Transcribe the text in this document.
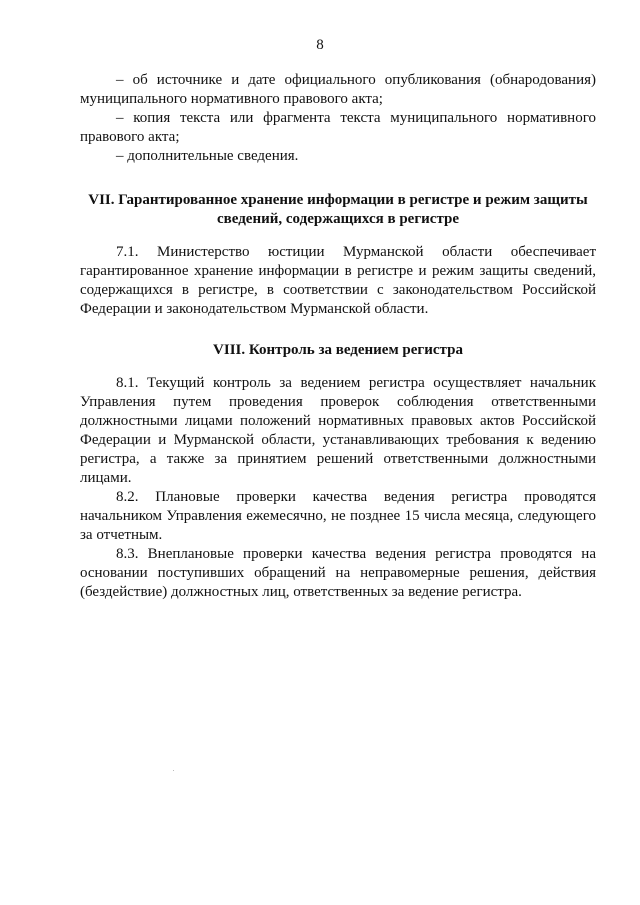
8

– об источнике и дате официального опубликования (обнародования) муниципального нормативного правового акта;

– копия текста или фрагмента текста муниципального нормативного правового акта;

– дополнительные сведения.

VII. Гарантированное хранение информации в регистре и режим защиты сведений, содержащихся в регистре

7.1. Министерство юстиции Мурманской области обеспечивает гарантированное хранение информации в регистре и режим защиты сведений, содержащихся в регистре, в соответствии с законодательством Российской Федерации и законодательством Мурманской области.

VIII. Контроль за ведением регистра

8.1. Текущий контроль за ведением регистра осуществляет начальник Управления путем проведения проверок соблюдения ответственными должностными лицами положений нормативных правовых актов Российской Федерации и Мурманской области, устанавливающих требования к ведению регистра, а также за принятием решений ответственными должностными лицами.

8.2. Плановые проверки качества ведения регистра проводятся начальником Управления ежемесячно, не позднее 15 числа месяца, следующего за отчетным.

8.3. Внеплановые проверки качества ведения регистра проводятся на основании поступивших обращений на неправомерные решения, действия (бездействие) должностных лиц, ответственных за ведение регистра.
